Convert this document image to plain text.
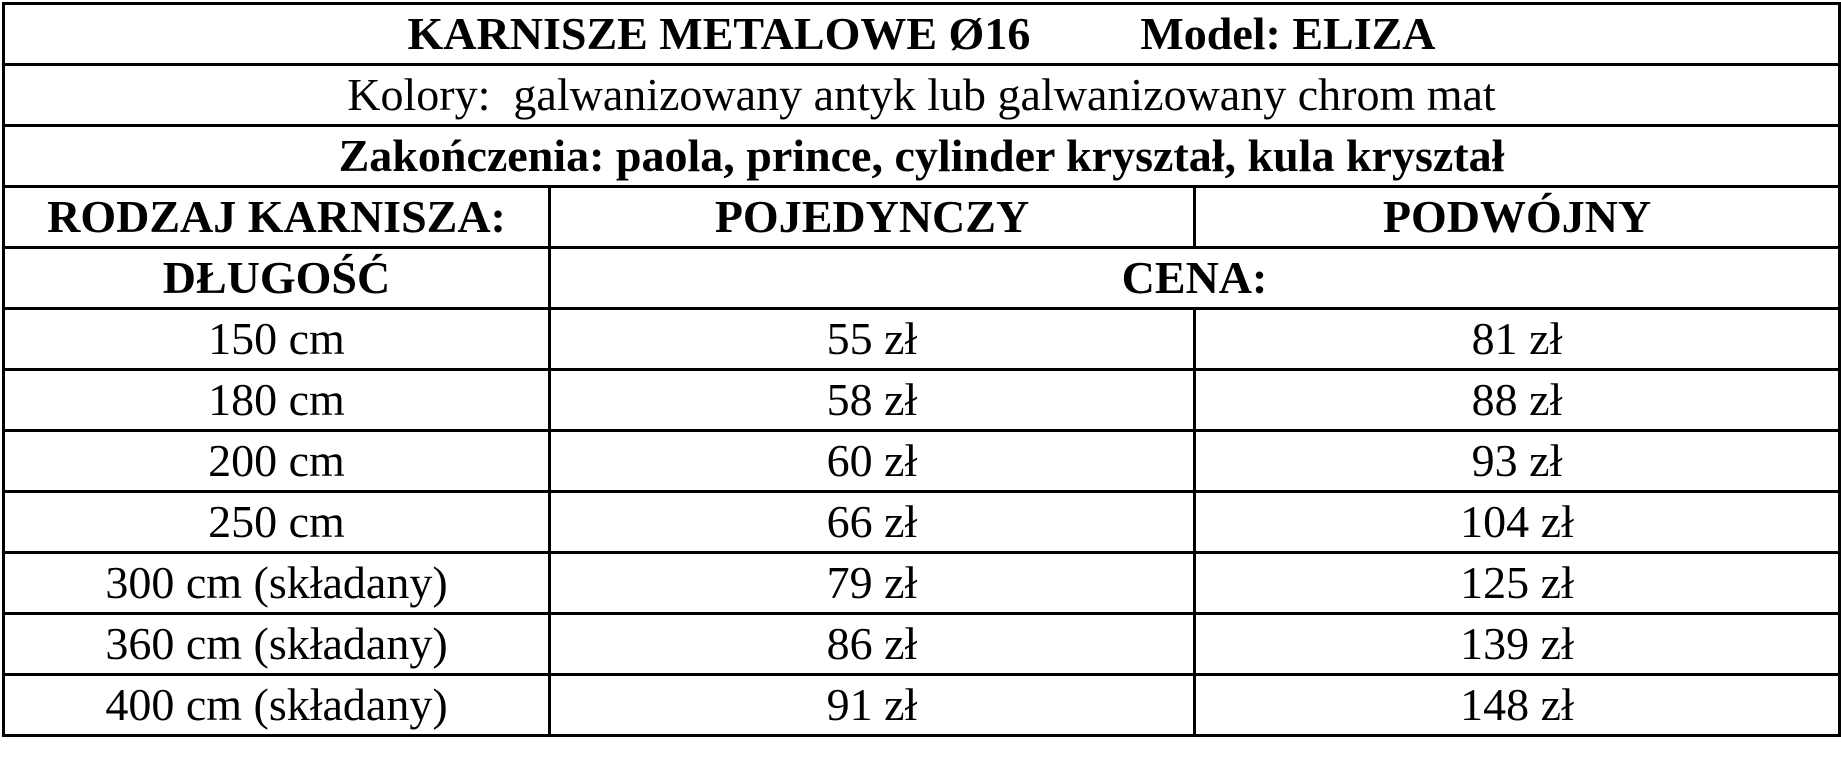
KARNISZE METALOWE Ø16 Model: ELIZA		
Kolory:  galwanizowany antyk lub galwanizowany chrom mat		
Zakończenia: paola, prince, cylinder kryształ, kula kryształ		
RODZAJ KARNISZA:	POJEDYNCZY	PODWÓJNY
DŁUGOŚĆ	CENA:	
150 cm	55 zł	81 zł
180 cm	58 zł	88 zł
200 cm	60 zł	93 zł
250 cm	66 zł	104 zł
300 cm (składany)	79 zł	125 zł
360 cm (składany)	86 zł	139 zł
400 cm (składany)	91 zł	148 zł
